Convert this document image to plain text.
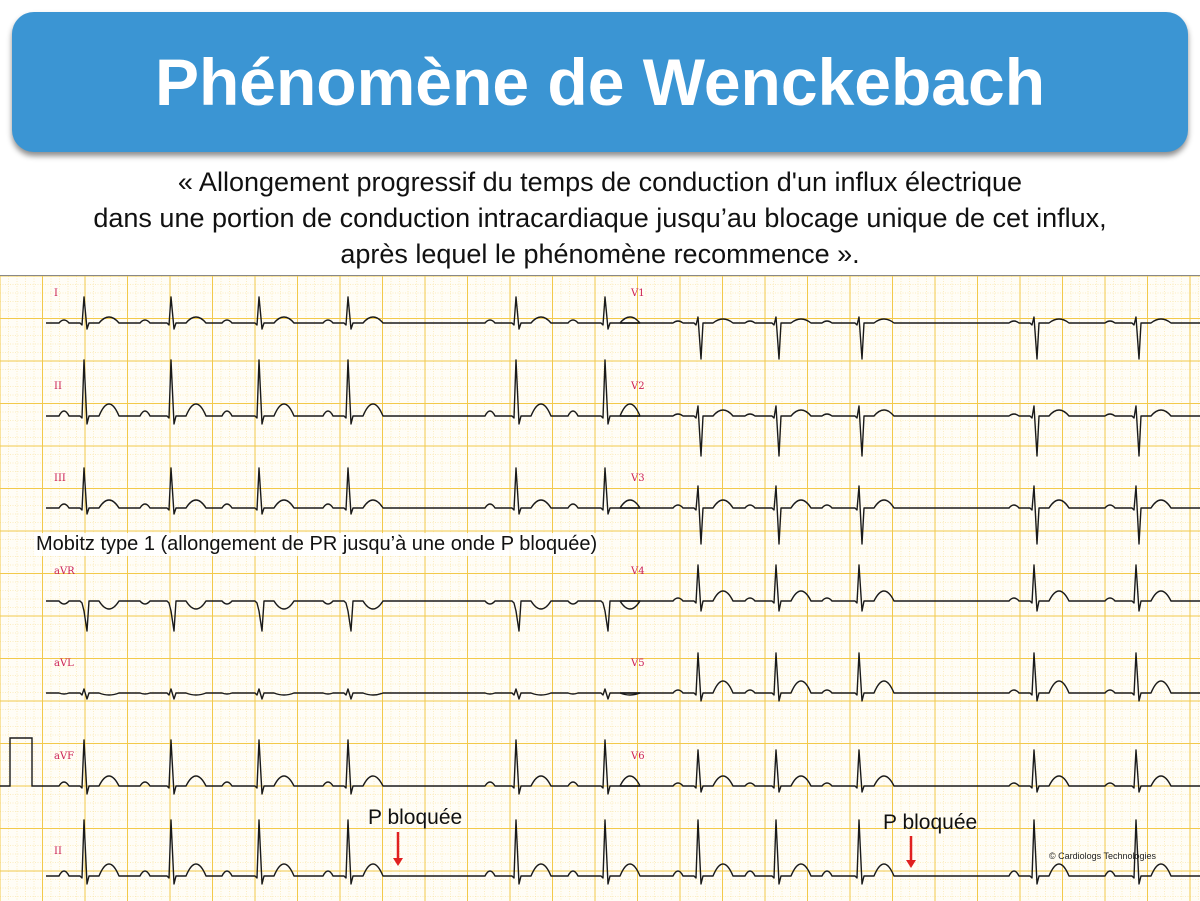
Phénomène de Wenckebach
« Allongement progressif du temps de conduction d'un influx électrique
dans une portion de conduction intracardiaque jusqu’au blocage unique de cet influx,
après lequel le phénomène recommence ».
I	V1
II	V2
III	V3
aVR	V4
aVL	V5
aVF	V6
II
Mobitz type 1 (allongement de PR jusqu’à une onde P bloquée)
P bloquée	P bloquée
© Cardiologs Technologies
